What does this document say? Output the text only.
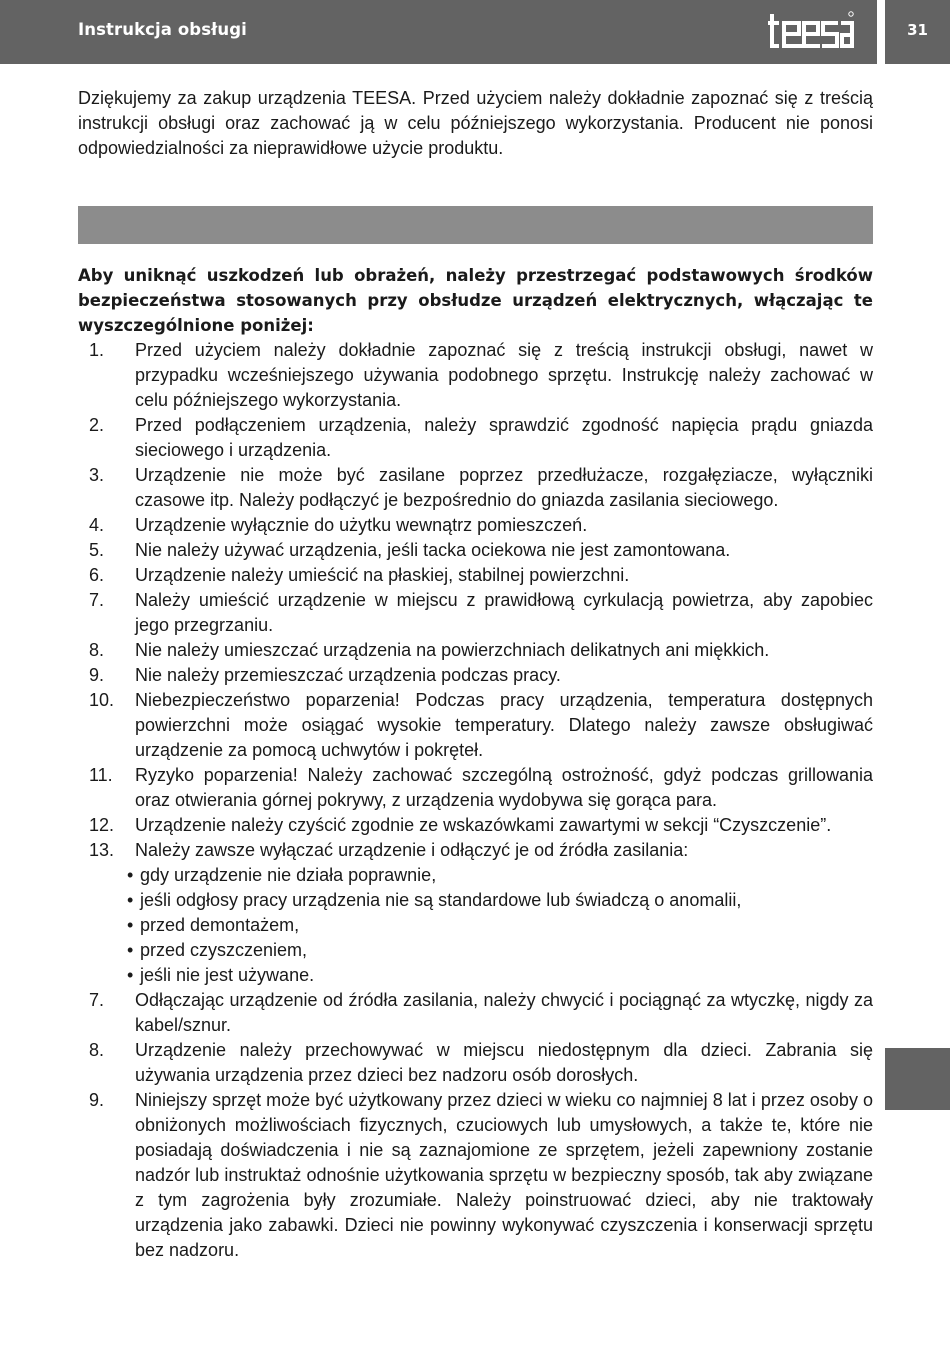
Instrukcja obsługi	31

Dziękujemy za zakup urządzenia TEESA. Przed użyciem należy dokładnie zapoznać się z treścią instrukcji obsługi oraz zachować ją w celu późniejszego wykorzystania. Producent nie ponosi odpowiedzialności za nieprawidłowe użycie produktu.

Aby uniknąć uszkodzeń lub obrażeń, należy przestrzegać podstawowych środków bezpieczeństwa stosowanych przy obsłudze urządzeń elektrycznych, włączając te wyszczególnione poniżej:

1.	Przed użyciem należy dokładnie zapoznać się z treścią instrukcji obsługi, nawet w przypadku wcześniejszego używania podobnego sprzętu. Instrukcję należy zachować w celu późniejszego wykorzystania.
2.	Przed podłączeniem urządzenia, należy sprawdzić zgodność napięcia prądu gniazda sieciowego i urządzenia.
3.	Urządzenie nie może być zasilane poprzez przedłużacze, rozgałęziacze, wyłączniki czasowe itp. Należy podłączyć je bezpośrednio do gniazda zasilania sieciowego.
4.	Urządzenie wyłącznie do użytku wewnątrz pomieszczeń.
5.	Nie należy używać urządzenia, jeśli tacka ociekowa nie jest zamontowana.
6.	Urządzenie należy umieścić na płaskiej, stabilnej powierzchni.
7.	Należy umieścić urządzenie w miejscu z prawidłową cyrkulacją powietrza, aby zapobiec jego przegrzaniu.
8.	Nie należy umieszczać urządzenia na powierzchniach delikatnych ani miękkich.
9.	Nie należy przemieszczać urządzenia podczas pracy.
10.	Niebezpieczeństwo poparzenia! Podczas pracy urządzenia, temperatura dostępnych powierzchni może osiągać wysokie temperatury. Dlatego należy zawsze obsługiwać urządzenie za pomocą uchwytów i pokręteł.
11.	Ryzyko poparzenia! Należy zachować szczególną ostrożność, gdyż podczas grillowania oraz otwierania górnej pokrywy, z urządzenia wydobywa się gorąca para.
12.	Urządzenie należy czyścić zgodnie ze wskazówkami zawartymi w sekcji “Czyszczenie”.
13.	Należy zawsze wyłączać urządzenie i odłączyć je od źródła zasilania:
• gdy urządzenie nie działa poprawnie,
• jeśli odgłosy pracy urządzenia nie są standardowe lub świadczą o anomalii,
• przed demontażem,
• przed czyszczeniem,
• jeśli nie jest używane.
7.	Odłączając urządzenie od źródła zasilania, należy chwycić i pociągnąć za wtyczkę, nigdy za kabel/sznur.
8.	Urządzenie należy przechowywać w miejscu niedostępnym dla dzieci. Zabrania się używania urządzenia przez dzieci bez nadzoru osób dorosłych.
9.	Niniejszy sprzęt może być użytkowany przez dzieci w wieku co najmniej 8 lat i przez osoby o obniżonych możliwościach fizycznych, czuciowych lub umysłowych, a także te, które nie posiadają doświadczenia i nie są zaznajomione ze sprzętem, jeżeli zapewniony zostanie nadzór lub instruktaż odnośnie użytkowania sprzętu w bezpieczny sposób, tak aby związane z tym zagrożenia były zrozumiałe. Należy poinstruować dzieci, aby nie traktowały urządzenia jako zabawki. Dzieci nie powinny wykonywać czyszczenia i konserwacji sprzętu bez nadzoru.
